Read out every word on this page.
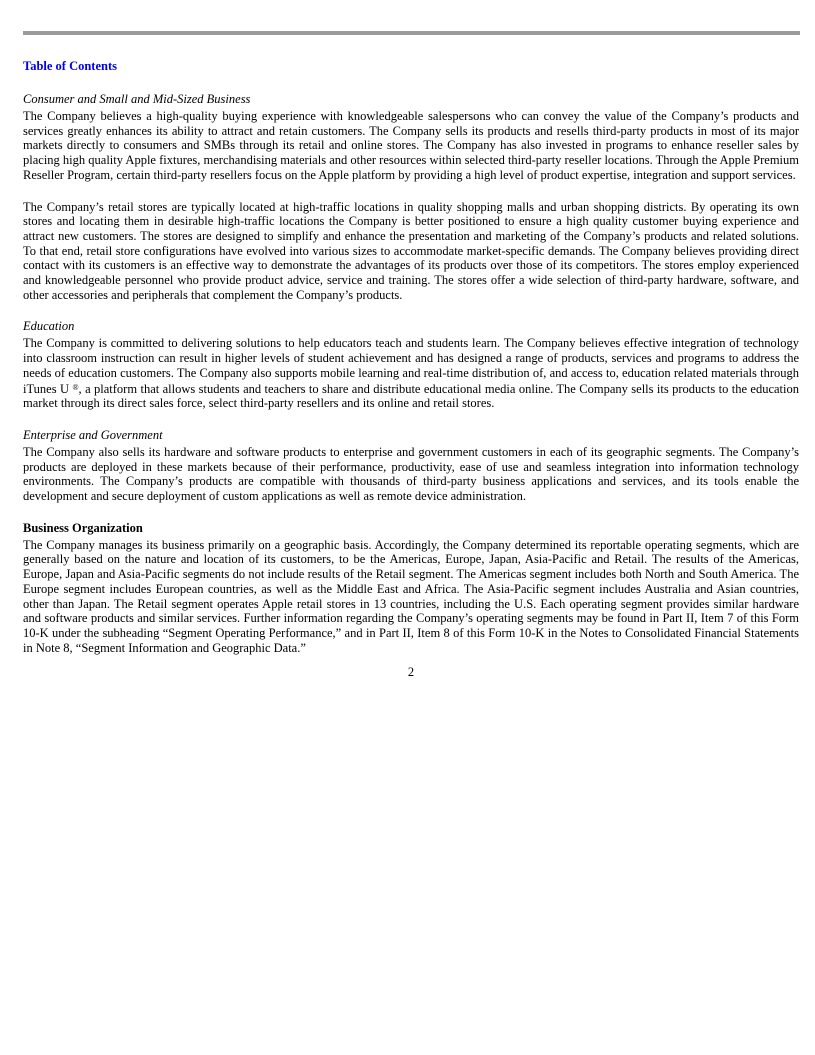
Table of Contents
Consumer and Small and Mid-Sized Business

The Company believes a high-quality buying experience with knowledgeable salespersons who can convey the value of the Company’s products and services greatly enhances its ability to attract and retain customers. The Company sells its products and resells third-party products in most of its major markets directly to consumers and SMBs through its retail and online stores. The Company has also invested in programs to enhance reseller sales by placing high quality Apple fixtures, merchandising materials and other resources within selected third-party reseller locations. Through the Apple Premium Reseller Program, certain third-party resellers focus on the Apple platform by providing a high level of product expertise, integration and support services.

The Company’s retail stores are typically located at high-traffic locations in quality shopping malls and urban shopping districts. By operating its own stores and locating them in desirable high-traffic locations the Company is better positioned to ensure a high quality customer buying experience and attract new customers. The stores are designed to simplify and enhance the presentation and marketing of the Company’s products and related solutions. To that end, retail store configurations have evolved into various sizes to accommodate market-specific demands. The Company believes providing direct contact with its customers is an effective way to demonstrate the advantages of its products over those of its competitors. The stores employ experienced and knowledgeable personnel who provide product advice, service and training. The stores offer a wide selection of third-party hardware, software, and other accessories and peripherals that complement the Company’s products.

Education

The Company is committed to delivering solutions to help educators teach and students learn. The Company believes effective integration of technology into classroom instruction can result in higher levels of student achievement and has designed a range of products, services and programs to address the needs of education customers. The Company also supports mobile learning and real-time distribution of, and access to, education related materials through iTunes U ®, a platform that allows students and teachers to share and distribute educational media online. The Company sells its products to the education market through its direct sales force, select third-party resellers and its online and retail stores.

Enterprise and Government

The Company also sells its hardware and software products to enterprise and government customers in each of its geographic segments. The Company’s products are deployed in these markets because of their performance, productivity, ease of use and seamless integration into information technology environments. The Company’s products are compatible with thousands of third-party business applications and services, and its tools enable the development and secure deployment of custom applications as well as remote device administration.

Business Organization

The Company manages its business primarily on a geographic basis. Accordingly, the Company determined its reportable operating segments, which are generally based on the nature and location of its customers, to be the Americas, Europe, Japan, Asia-Pacific and Retail. The results of the Americas, Europe, Japan and Asia-Pacific segments do not include results of the Retail segment. The Americas segment includes both North and South America. The Europe segment includes European countries, as well as the Middle East and Africa. The Asia-Pacific segment includes Australia and Asian countries, other than Japan. The Retail segment operates Apple retail stores in 13 countries, including the U.S. Each operating segment provides similar hardware and software products and similar services. Further information regarding the Company’s operating segments may be found in Part II, Item 7 of this Form 10-K under the subheading “Segment Operating Performance,” and in Part II, Item 8 of this Form 10-K in the Notes to Consolidated Financial Statements in Note 8, “Segment Information and Geographic Data.”

2
